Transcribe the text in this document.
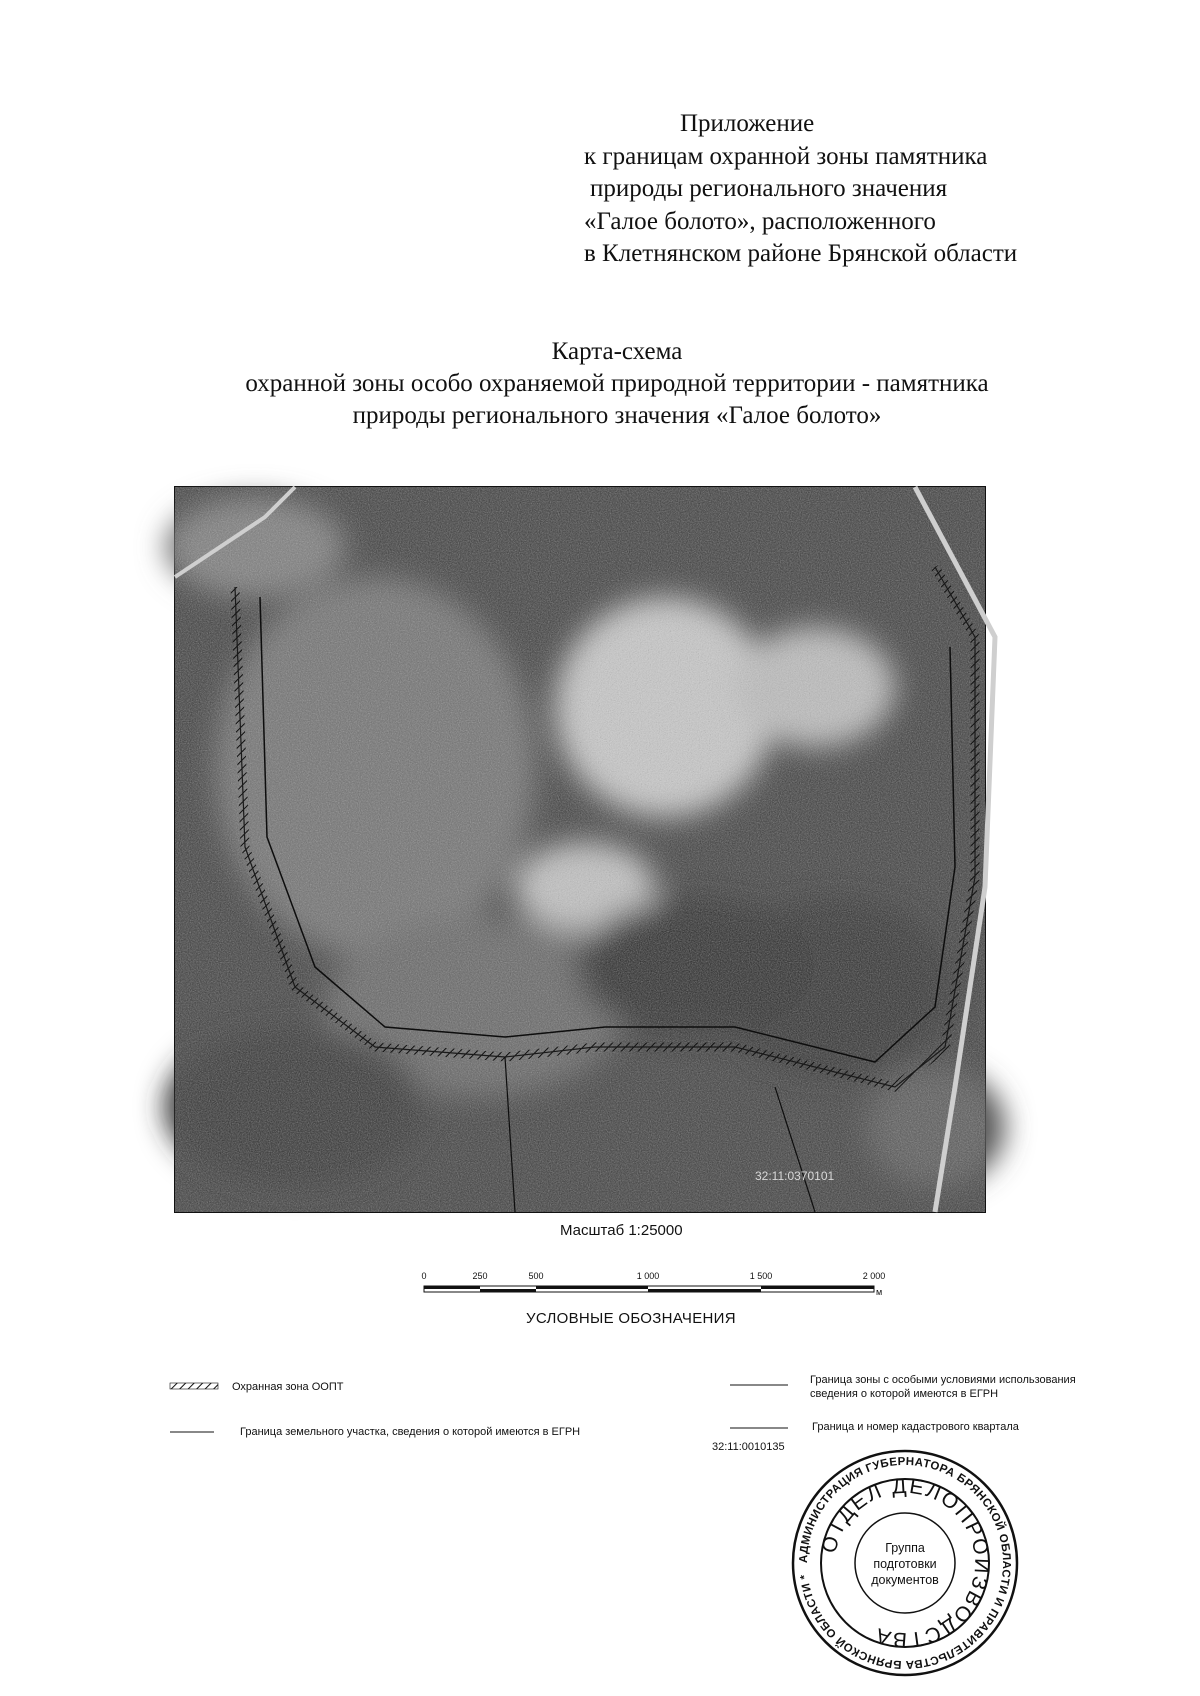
Приложение
к границам охранной зоны памятника
природы регионального значения
«Галое болото», расположенного
в Клетнянском районе Брянской области
Карта-схема
охранной зоны особо охраняемой природной территории - памятника
природы регионального значения «Галое болото»
32:11:0370101
Масштаб 1:25000
0	250	500	1 000	1 500	2 000
м
УСЛОВНЫЕ ОБОЗНАЧЕНИЯ
Охранная зона ООПТ
Граница земельного участка, сведения о которой имеются в ЕГРН
Граница зоны с особыми условиями использования сведения о которой имеются в ЕГРН
Граница и номер кадастрового квартала
32:11:0010135
АДМИНИСТРАЦИЯ ГУБЕРНАТОРА БРЯНСКОЙ ОБЛАСТИ И ПРАВИТЕЛЬСТВА БРЯНСКОЙ ОБЛАСТИ *
ОТДЕЛ ДЕЛОПРОИЗВОДСТВА
Группа
подготовки
документов
